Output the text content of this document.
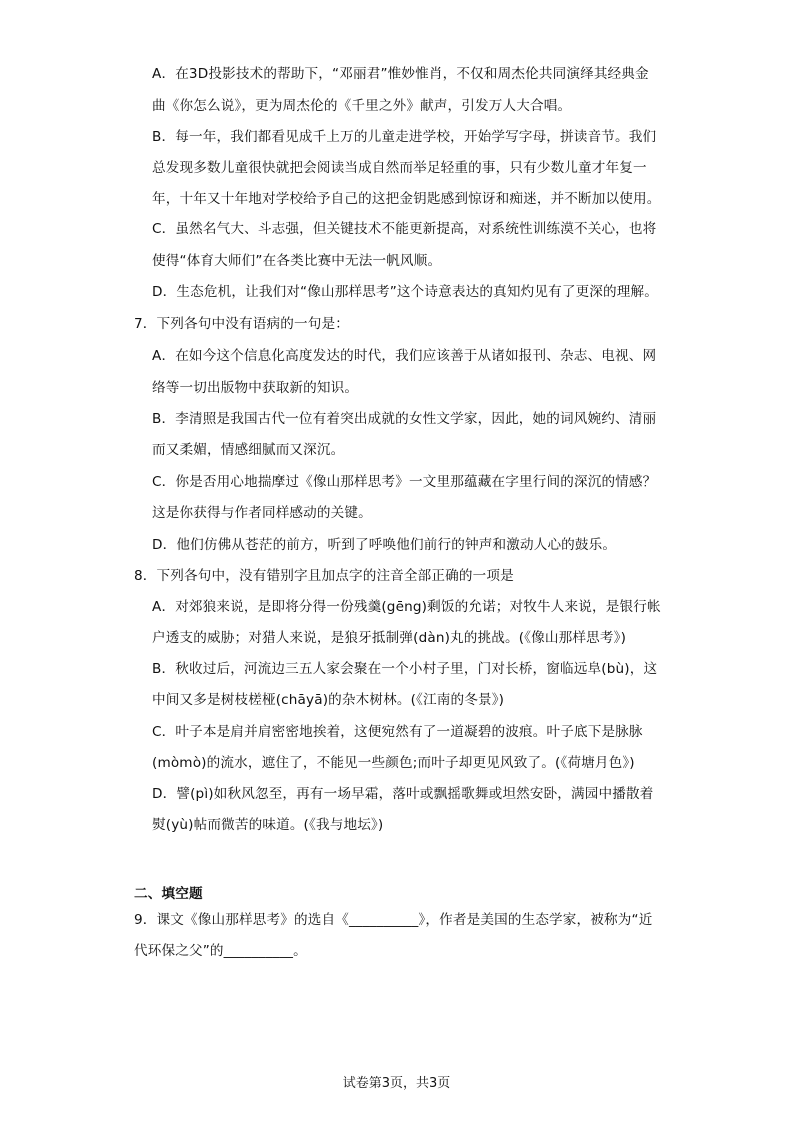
A．在3D投影技术的帮助下，“邓丽君”惟妙惟肖，不仅和周杰伦共同演绎其经典金
曲《你怎么说》，更为周杰伦的《千里之外》献声，引发万人大合唱。
B．每一年，我们都看见成千上万的儿童走进学校，开始学写字母，拼读音节。我们
总发现多数儿童很快就把会阅读当成自然而举足轻重的事，只有少数儿童才年复一
年，十年又十年地对学校给予自己的这把金钥匙感到惊讶和痴迷，并不断加以使用。
C．虽然名气大、斗志强，但关键技术不能更新提高，对系统性训练漠不关心，也将
使得“体育大师们”在各类比赛中无法一帆风顺。
D．生态危机，让我们对“像山那样思考”这个诗意表达的真知灼见有了更深的理解。
7．下列各句中没有语病的一句是：
A．在如今这个信息化高度发达的时代，我们应该善于从诸如报刊、杂志、电视、网
络等一切出版物中获取新的知识。
B．李清照是我国古代一位有着突出成就的女性文学家，因此，她的词风婉约、清丽
而又柔媚，情感细腻而又深沉。
C．你是否用心地揣摩过《像山那样思考》一文里那蕴藏在字里行间的深沉的情感？
这是你获得与作者同样感动的关键。
D．他们仿佛从苍茫的前方，听到了呼唤他们前行的钟声和激动人心的鼓乐。
8．下列各句中，没有错别字且加点字的注音全部正确的一项是
A．对郊狼来说，是即将分得一份残羹(gēng)剩饭的允诺；对牧牛人来说，是银行帐
户透支的威胁；对猎人来说，是狼牙抵制弹(dàn)丸的挑战。(《像山那样思考》)
B．秋收过后，河流边三五人家会聚在一个小村子里，门对长桥，窗临远阜(bù)，这
中间又多是树枝槎桠(chāyā)的杂木树林。(《江南的冬景》)
C．叶子本是肩并肩密密地挨着，这便宛然有了一道凝碧的波痕。叶子底下是脉脉
(mòmò)的流水，遮住了，不能见一些颜色;而叶子却更见风致了。(《荷塘月色》)
D．譬(pì)如秋风忽至，再有一场早霜，落叶或飘摇歌舞或坦然安卧，满园中播散着
熨(yù)帖而微苦的味道。(《我与地坛》)
二、填空题
9．课文《像山那样思考》的选自《__________》，作者是美国的生态学家，被称为“近
代环保之父”的__________。
试卷第3页，共3页
